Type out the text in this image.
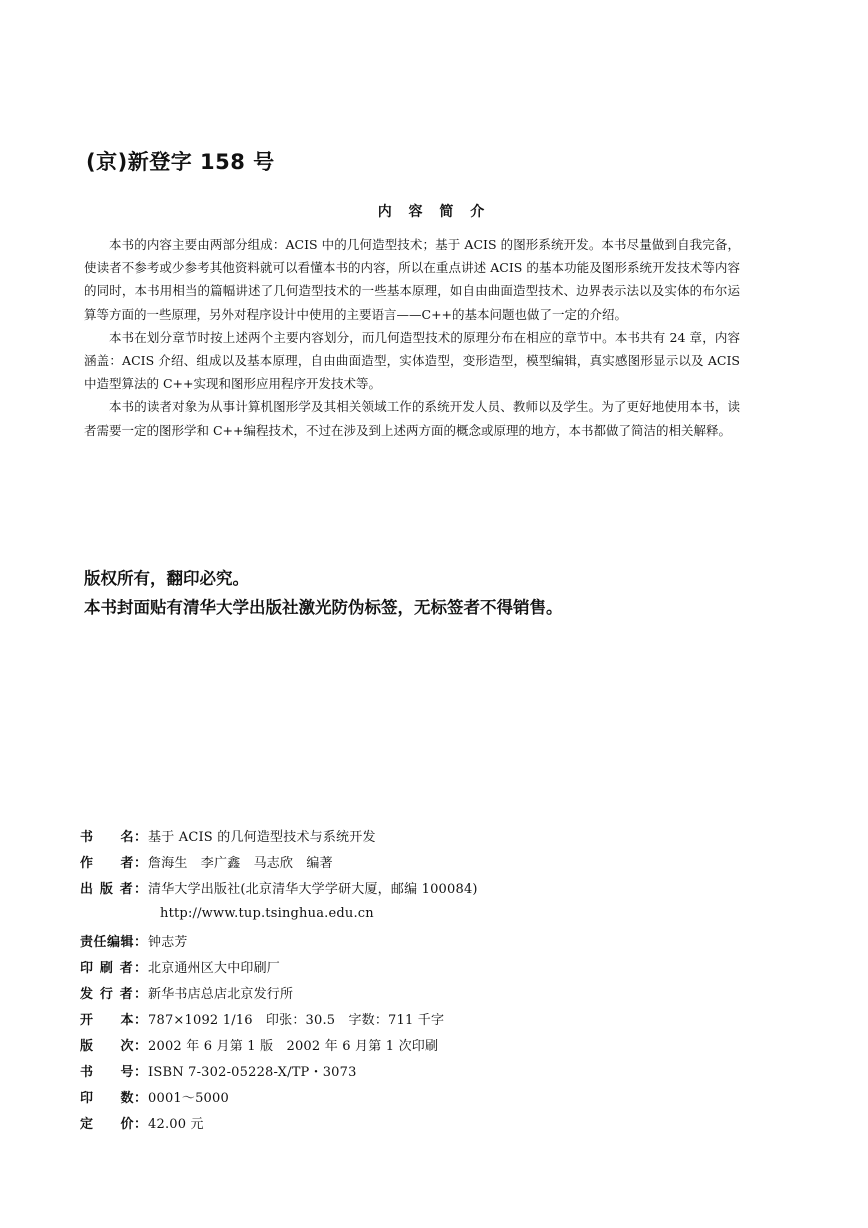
(京)新登字 158 号
内 容 简 介

本书的内容主要由两部分组成：ACIS 中的几何造型技术；基于 ACIS 的图形系统开发。本书尽量做到自我完备，使读者不参考或少参考其他资料就可以看懂本书的内容，所以在重点讲述 ACIS 的基本功能及图形系统开发技术等内容的同时，本书用相当的篇幅讲述了几何造型技术的一些基本原理，如自由曲面造型技术、边界表示法以及实体的布尔运算等方面的一些原理，另外对程序设计中使用的主要语言——C++的基本问题也做了一定的介绍。

本书在划分章节时按上述两个主要内容划分，而几何造型技术的原理分布在相应的章节中。本书共有 24 章，内容涵盖：ACIS 介绍、组成以及基本原理，自由曲面造型，实体造型，变形造型，模型编辑，真实感图形显示以及 ACIS 中造型算法的 C++实现和图形应用程序开发技术等。

本书的读者对象为从事计算机图形学及其相关领域工作的系统开发人员、教师以及学生。为了更好地使用本书，读者需要一定的图形学和 C++编程技术，不过在涉及到上述两方面的概念或原理的地方，本书都做了简洁的相关解释。

版权所有，翻印必究。
本书封面贴有清华大学出版社激光防伪标签，无标签者不得销售。
书　　名： 基于 ACIS 的几何造型技术与系统开发
作　　者： 詹海生　李广鑫　马志欣　编著
出 版 者： 清华大学出版社(北京清华大学学研大厦，邮编 100084)
http://www.tup.tsinghua.edu.cn
责任编辑： 钟志芳
印 刷 者： 北京通州区大中印刷厂
发 行 者： 新华书店总店北京发行所
开　　本： 787×1092 1/16　印张：30.5　字数：711 千字
版　　次： 2002 年 6 月第 1 版　2002 年 6 月第 1 次印刷
书　　号： ISBN 7-302-05228-X/TP・3073
印　　数： 0001～5000
定　　价： 42.00 元
